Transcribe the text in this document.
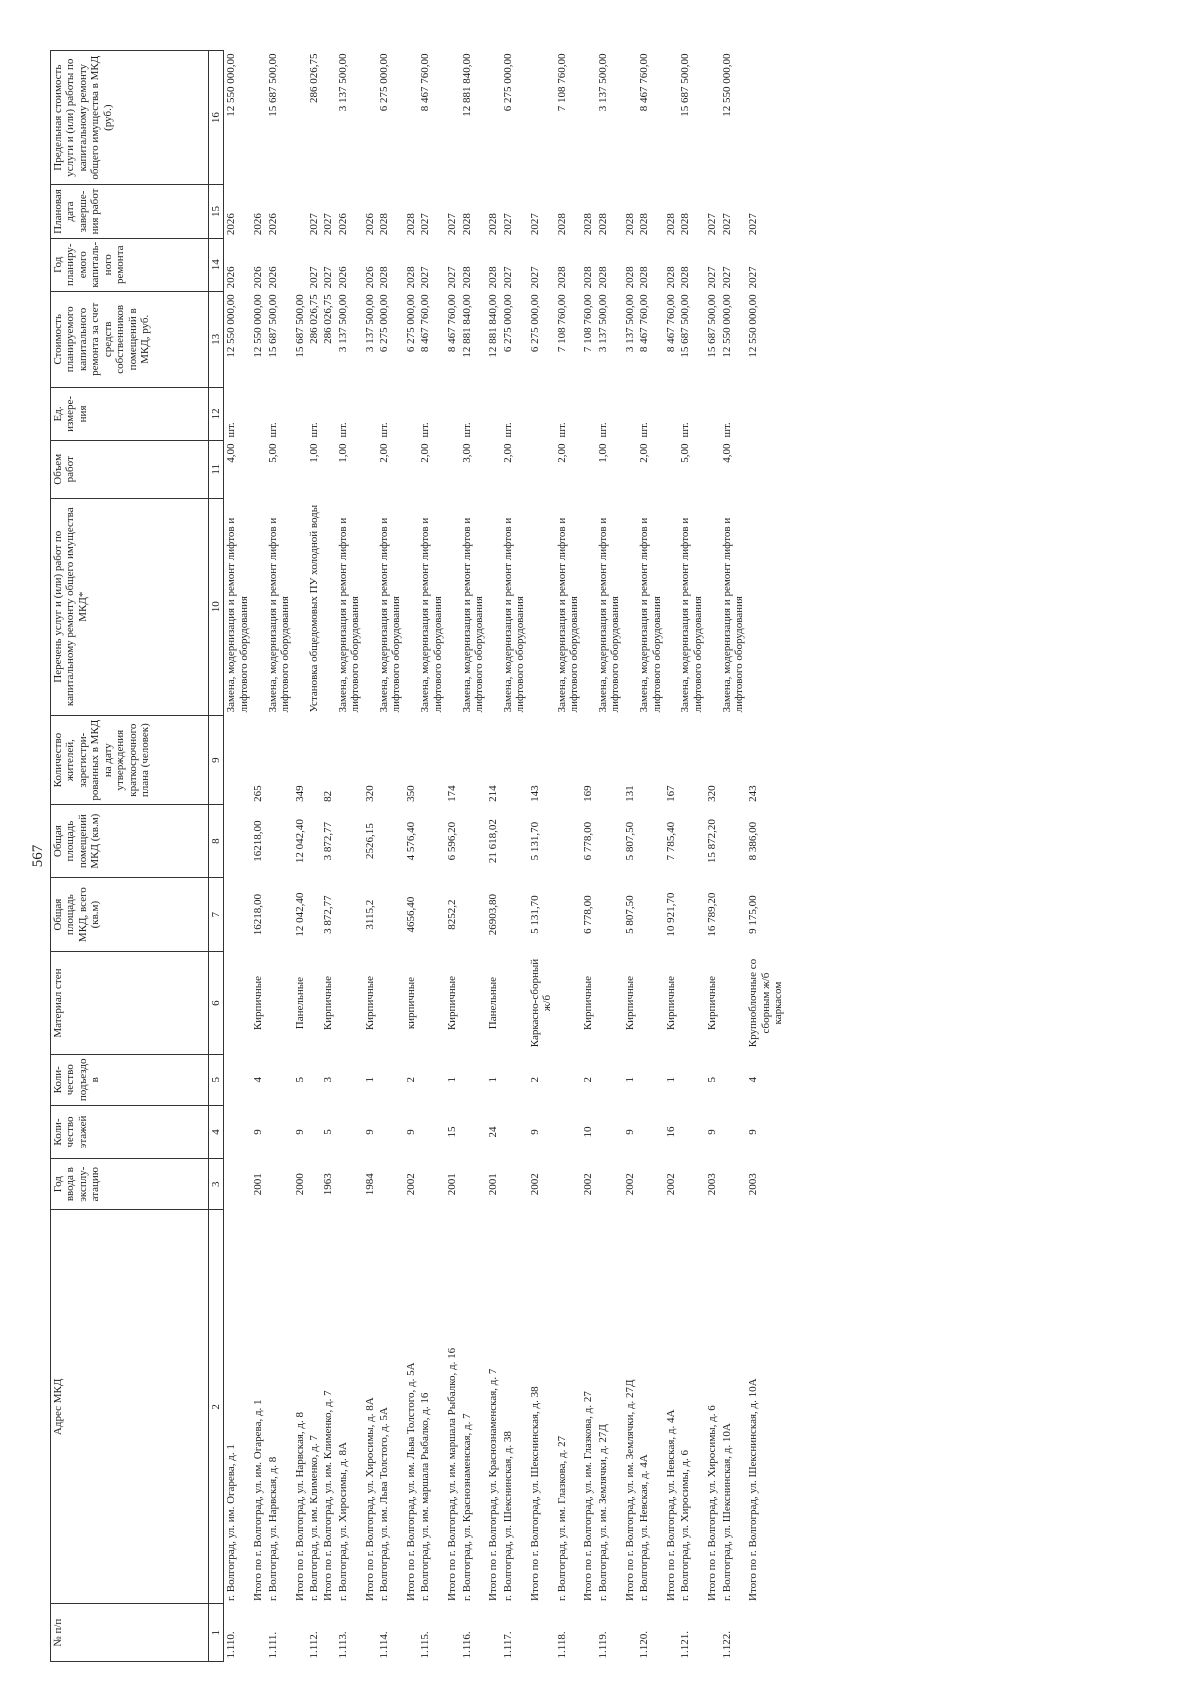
567
№ п/п	Адрес МКД	Год ввода в эксплу- атацию	Коли- чество этажей	Коли- чество подъездо в	Материал стен	Общая площадь МКД, всего (кв.м)	Общая площадь помещений МКД (кв.м)	Количество жителей, зарегистри- рованных в МКД на дату утверждения краткосрочного плана (человек)	Перечень услуг и (или) работ по капитальному ремонту общего имущества МКД*	Объем работ	Ед. измере- ния	Стоимость планируемого капитального ремонта за счет средств собственников помещений в МКД, руб.	Год планиру- емого капиталь- ного ремонта	Плановая дата заверше- ния работ	Предельная стоимость услуги и (или) работы по капитальному ремонту общего имущества в МКД (руб.)
1	2	3	4	5	6	7	8	9	10	11	12	13	14	15	16
1.110.	г. Волгоград, ул. им. Огарева, д. 1								Замена, модернизация и ремонт лифтов и лифтового оборудования	4,00	шт.	12 550 000,00	2026	2026	12 550 000,00
	Итого по г. Волгоград, ул. им. Огарева, д. 1	2001	9	4	Кирпичные	16218,00	16218,00	265				12 550 000,00	2026	2026	
1.111.	г. Волгоград, ул. Нарвская, д. 8								Замена, модернизация и ремонт лифтов и лифтового оборудования	5,00	шт.	15 687 500,00	2026	2026	15 687 500,00
	Итого по г. Волгоград, ул. Нарвская, д. 8	2000	9	5	Панельные	12 042,40	12 042,40	349				15 687 500,00			
1.112.	г. Волгоград, ул. им. Клименко, д. 7								Установка общедомовых ПУ холодной воды	1,00	шт.	286 026,75	2027	2027	286 026,75
	Итого по г. Волгоград, ул. им. Клименко, д. 7	1963	5	3	Кирпичные	3 872,77	3 872,77	82				286 026,75	2027	2027	
1.113.	г. Волгоград, ул. Хиросимы, д. 8А								Замена, модернизация и ремонт лифтов и лифтового оборудования	1,00	шт.	3 137 500,00	2026	2026	3 137 500,00
	Итого по г. Волгоград, ул. Хиросимы, д. 8А	1984	9	1	Кирпичные	3115,2	2526,15	320				3 137 500,00	2026	2026	
1.114.	г. Волгоград, ул. им. Льва Толстого, д. 5А								Замена, модернизация и ремонт лифтов и лифтового оборудования	2,00	шт.	6 275 000,00	2028	2028	6 275 000,00
	Итого по г. Волгоград, ул. им. Льва Толстого, д. 5А	2002	9	2	кирпичные	4656,40	4 576,40	350				6 275 000,00	2028	2028	
1.115.	г. Волгоград, ул. им. маршала Рыбалко, д. 16								Замена, модернизация и ремонт лифтов и лифтового оборудования	2,00	шт.	8 467 760,00	2027	2027	8 467 760,00
	Итого по г. Волгоград, ул. им. маршала Рыбалко, д. 16	2001	15	1	Кирпичные	8252,2	6 596,20	174				8 467 760,00	2027	2027	
1.116.	г. Волгоград, ул. Краснознаменская, д. 7								Замена, модернизация и ремонт лифтов и лифтового оборудования	3,00	шт.	12 881 840,00	2028	2028	12 881 840,00
	Итого по г. Волгоград, ул. Краснознаменская, д. 7	2001	24	1	Панельные	26903,80	21 618,02	214				12 881 840,00	2028	2028	
1.117.	г. Волгоград, ул. Шекснинская, д. 38								Замена, модернизация и ремонт лифтов и лифтового оборудования	2,00	шт.	6 275 000,00	2027	2027	6 275 000,00
	Итого по г. Волгоград, ул. Шекснинская, д. 38	2002	9	2	Каркасно-сборный ж/б	5 131,70	5 131,70	143				6 275 000,00	2027	2027	
1.118.	г. Волгоград, ул. им. Глазкова, д. 27								Замена, модернизация и ремонт лифтов и лифтового оборудования	2,00	шт.	7 108 760,00	2028	2028	7 108 760,00
	Итого по г. Волгоград, ул. им. Глазкова, д. 27	2002	10	2	Кирпичные	6 778,00	6 778,00	169				7 108 760,00	2028	2028	
1.119.	г. Волгоград, ул. им. Землячки, д. 27Д								Замена, модернизация и ремонт лифтов и лифтового оборудования	1,00	шт.	3 137 500,00	2028	2028	3 137 500,00
	Итого по г. Волгоград, ул. им. Землячки, д. 27Д	2002	9	1	Кирпичные	5 807,50	5 807,50	131				3 137 500,00	2028	2028	
1.120.	г. Волгоград, ул. Невская, д. 4А								Замена, модернизация и ремонт лифтов и лифтового оборудования	2,00	шт.	8 467 760,00	2028	2028	8 467 760,00
	Итого по г. Волгоград, ул. Невская, д. 4А	2002	16	1	Кирпичные	10 921,70	7 785,40	167				8 467 760,00	2028	2028	
1.121.	г. Волгоград, ул. Хиросимы, д. 6								Замена, модернизация и ремонт лифтов и лифтового оборудования	5,00	шт.	15 687 500,00	2028	2028	15 687 500,00
	Итого по г. Волгоград, ул. Хиросимы, д. 6	2003	9	5	Кирпичные	16 789,20	15 872,20	320				15 687 500,00	2027	2027	
1.122.	г. Волгоград, ул. Шекснинская, д. 10А								Замена, модернизация и ремонт лифтов и лифтового оборудования	4,00	шт.	12 550 000,00	2027	2027	12 550 000,00
	Итого по г. Волгоград, ул. Шекснинская, д. 10А	2003	9	4	Крупноблочные со сборным ж/б каркасом	9 175,00	8 386,00	243				12 550 000,00	2027	2027	
